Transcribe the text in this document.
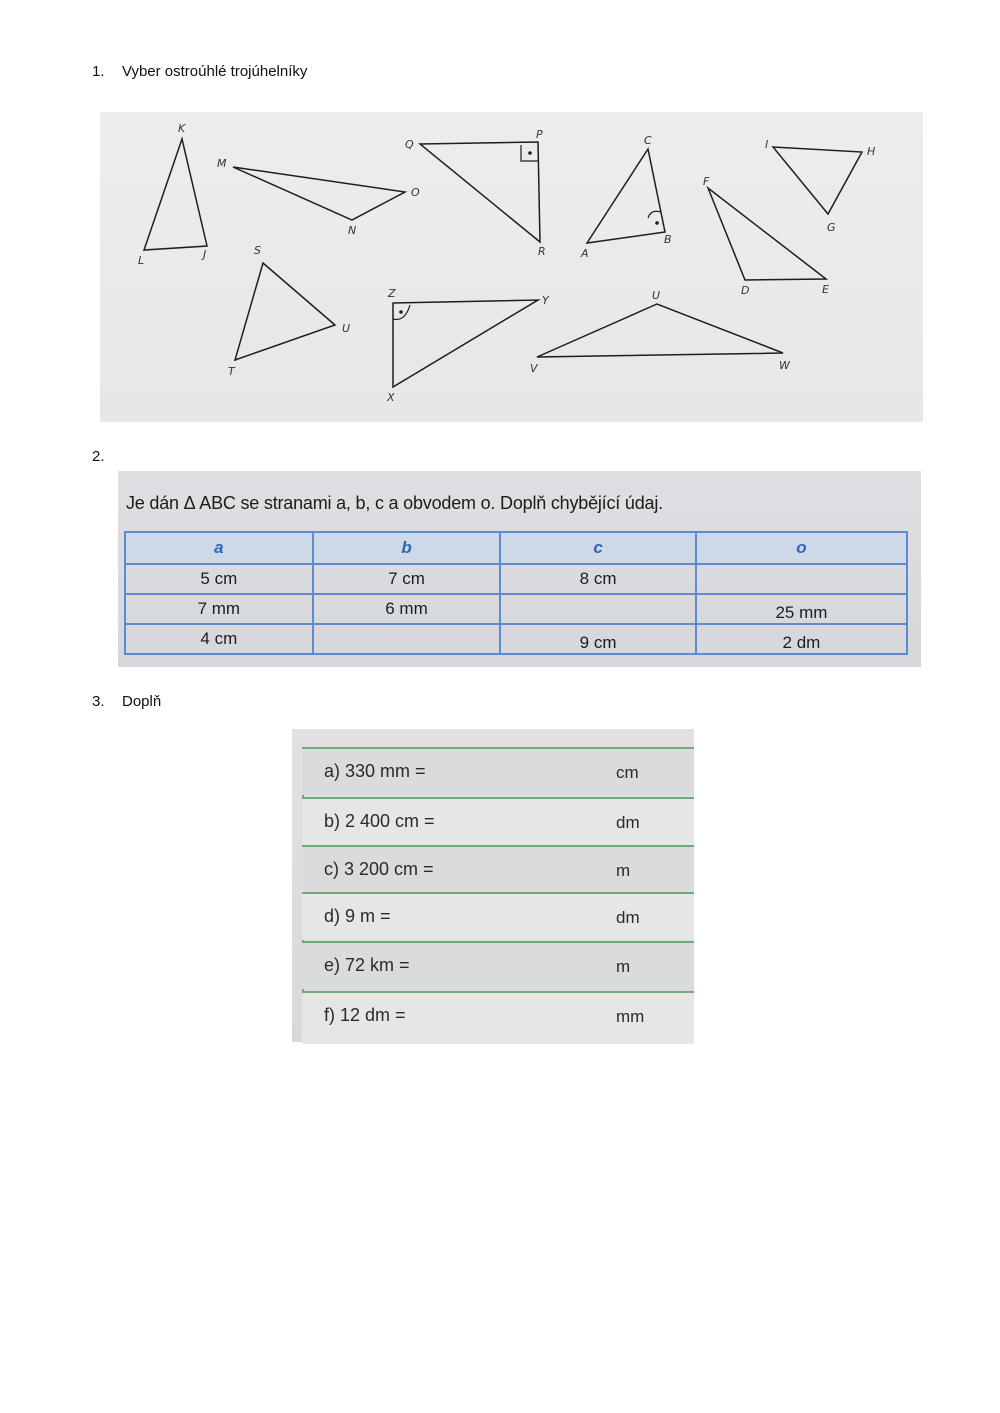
1. Vyber ostroúhlé trojúhelníky
K
L	J
M
N
O
Q
P
R
C
A
B
I
H
G
F
D	E
S
T
U
Z
X
Y	U
V	W
2.
Je dán Δ ABC se stranami a, b, c a obvodem o. Doplň chybějící údaj.
a	b	c	o
5 cm	7 cm	8 cm	
7 mm	6 mm		25 mm
4 cm		9 cm	2 dm
3. Doplň
a) 330 mm =	cm
b) 2 400 cm =	dm
c) 3 200 cm =	m
d) 9 m =	dm
e) 72 km =	m
f) 12 dm =	mm
